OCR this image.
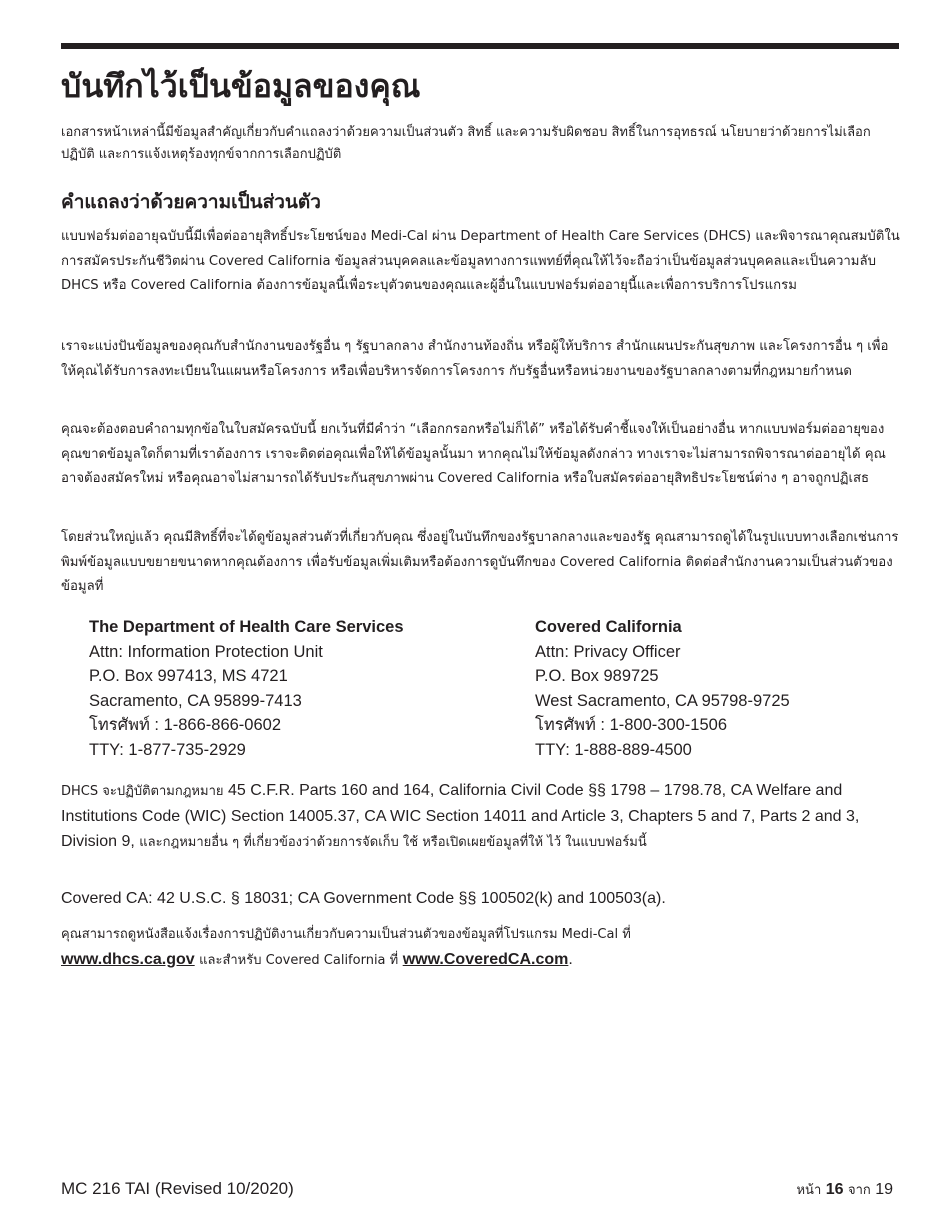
บันทึกไว้เป็นข้อมูลของคุณ

เอกสารหน้าเหล่านี้มีข้อมูลสำคัญเกี่ยวกับคำแถลงว่าด้วยความเป็นส่วนตัว สิทธิ์ และความรับผิดชอบ สิทธิ์ในการอุทธรณ์ นโยบายว่าด้วยการไม่เลือกปฏิบัติ และการแจ้งเหตุร้องทุกข์จากการเลือกปฏิบัติ

คำแถลงว่าด้วยความเป็นส่วนตัว

แบบฟอร์มต่ออายุฉบับนี้มีเพื่อต่ออายุสิทธิ์ประโยชน์ของ Medi-Cal ผ่าน Department of Health Care Services (DHCS) และพิจารณาคุณสมบัติในการสมัครประกันชีวิตผ่าน Covered California ข้อมูลส่วนบุคคลและข้อมูลทางการแพทย์ที่คุณให้ไว้จะถือว่าเป็นข้อมูลส่วนบุคคลและเป็นความลับ DHCS หรือ Covered California ต้องการข้อมูลนี้เพื่อระบุตัวตนของคุณและผู้อื่นในแบบฟอร์มต่ออายุนี้และเพื่อการบริการโปรแกรม

เราจะแบ่งปันข้อมูลของคุณกับสำนักงานของรัฐอื่น ๆ รัฐบาลกลาง สำนักงานท้องถิ่น หรือผู้ให้บริการ สำนักแผนประกันสุขภาพ และโครงการอื่น ๆ เพื่อให้คุณได้รับการลงทะเบียนในแผนหรือโครงการ หรือเพื่อบริหารจัดการโครงการ กับรัฐอื่นหรือหน่วยงานของรัฐบาลกลางตามที่กฎหมายกำหนด

คุณจะต้องตอบคำถามทุกข้อในใบสมัครฉบับนี้ ยกเว้นที่มีคำว่า “เลือกกรอกหรือไม่ก็ได้” หรือได้รับคำชี้แจงให้เป็นอย่างอื่น หากแบบฟอร์มต่ออายุของคุณขาดข้อมูลใดก็ตามที่เราต้องการ เราจะติดต่อคุณเพื่อให้ได้ข้อมูลนั้นมา หากคุณไม่ให้ข้อมูลดังกล่าว ทางเราจะไม่สามารถพิจารณาต่ออายุได้ คุณอาจต้องสมัครใหม่ หรือคุณอาจไม่สามารถได้รับประกันสุขภาพผ่าน Covered California หรือใบสมัครต่ออายุสิทธิประโยชน์ต่าง ๆ อาจถูกปฏิเสธ

โดยส่วนใหญ่แล้ว คุณมีสิทธิ์ที่จะได้ดูข้อมูลส่วนตัวที่เกี่ยวกับคุณ ซึ่งอยู่ในบันทึกของรัฐบาลกลางและของรัฐ คุณสามารถดูได้ในรูปแบบทางเลือกเช่นการพิมพ์ข้อมูลแบบขยายขนาดหากคุณต้องการ เพื่อรับข้อมูลเพิ่มเติมหรือต้องการดูบันทึกของ Covered California ติดต่อสำนักงานความเป็นส่วนตัวของข้อมูลที่

The Department of Health Care Services
Attn: Information Protection Unit
P.O. Box 997413, MS 4721
Sacramento, CA 95899-7413
โทรศัพท์ : 1-866-866-0602
TTY: 1-877-735-2929
Covered California
Attn: Privacy Officer
P.O. Box 989725
West Sacramento, CA 95798-9725
โทรศัพท์ : 1-800-300-1506
TTY: 1-888-889-4500

DHCS จะปฏิบัติตามกฎหมาย 45 C.F.R. Parts 160 and 164, California Civil Code §§ 1798 – 1798.78, CA Welfare and Institutions Code (WIC) Section 14005.37, CA WIC Section 14011 and Article 3, Chapters 5 and 7, Parts 2 and 3, Division 9, และกฎหมายอื่น ๆ ที่เกี่ยวข้องว่าด้วยการจัดเก็บ ใช้ หรือเปิดเผยข้อมูลที่ให้ ไว้ ในแบบฟอร์มนี้

Covered CA: 42 U.S.C. § 18031; CA Government Code §§ 100502(k) and 100503(a).

คุณสามารถดูหนังสือแจ้งเรื่องการปฏิบัติงานเกี่ยวกับความเป็นส่วนตัวของข้อมูลที่โปรแกรม Medi-Cal ที่
www.dhcs.ca.gov และสำหรับ Covered California ที่ www.CoveredCA.com.

MC 216 TAI (Revised 10/2020)	หน้า 16 จาก 19
